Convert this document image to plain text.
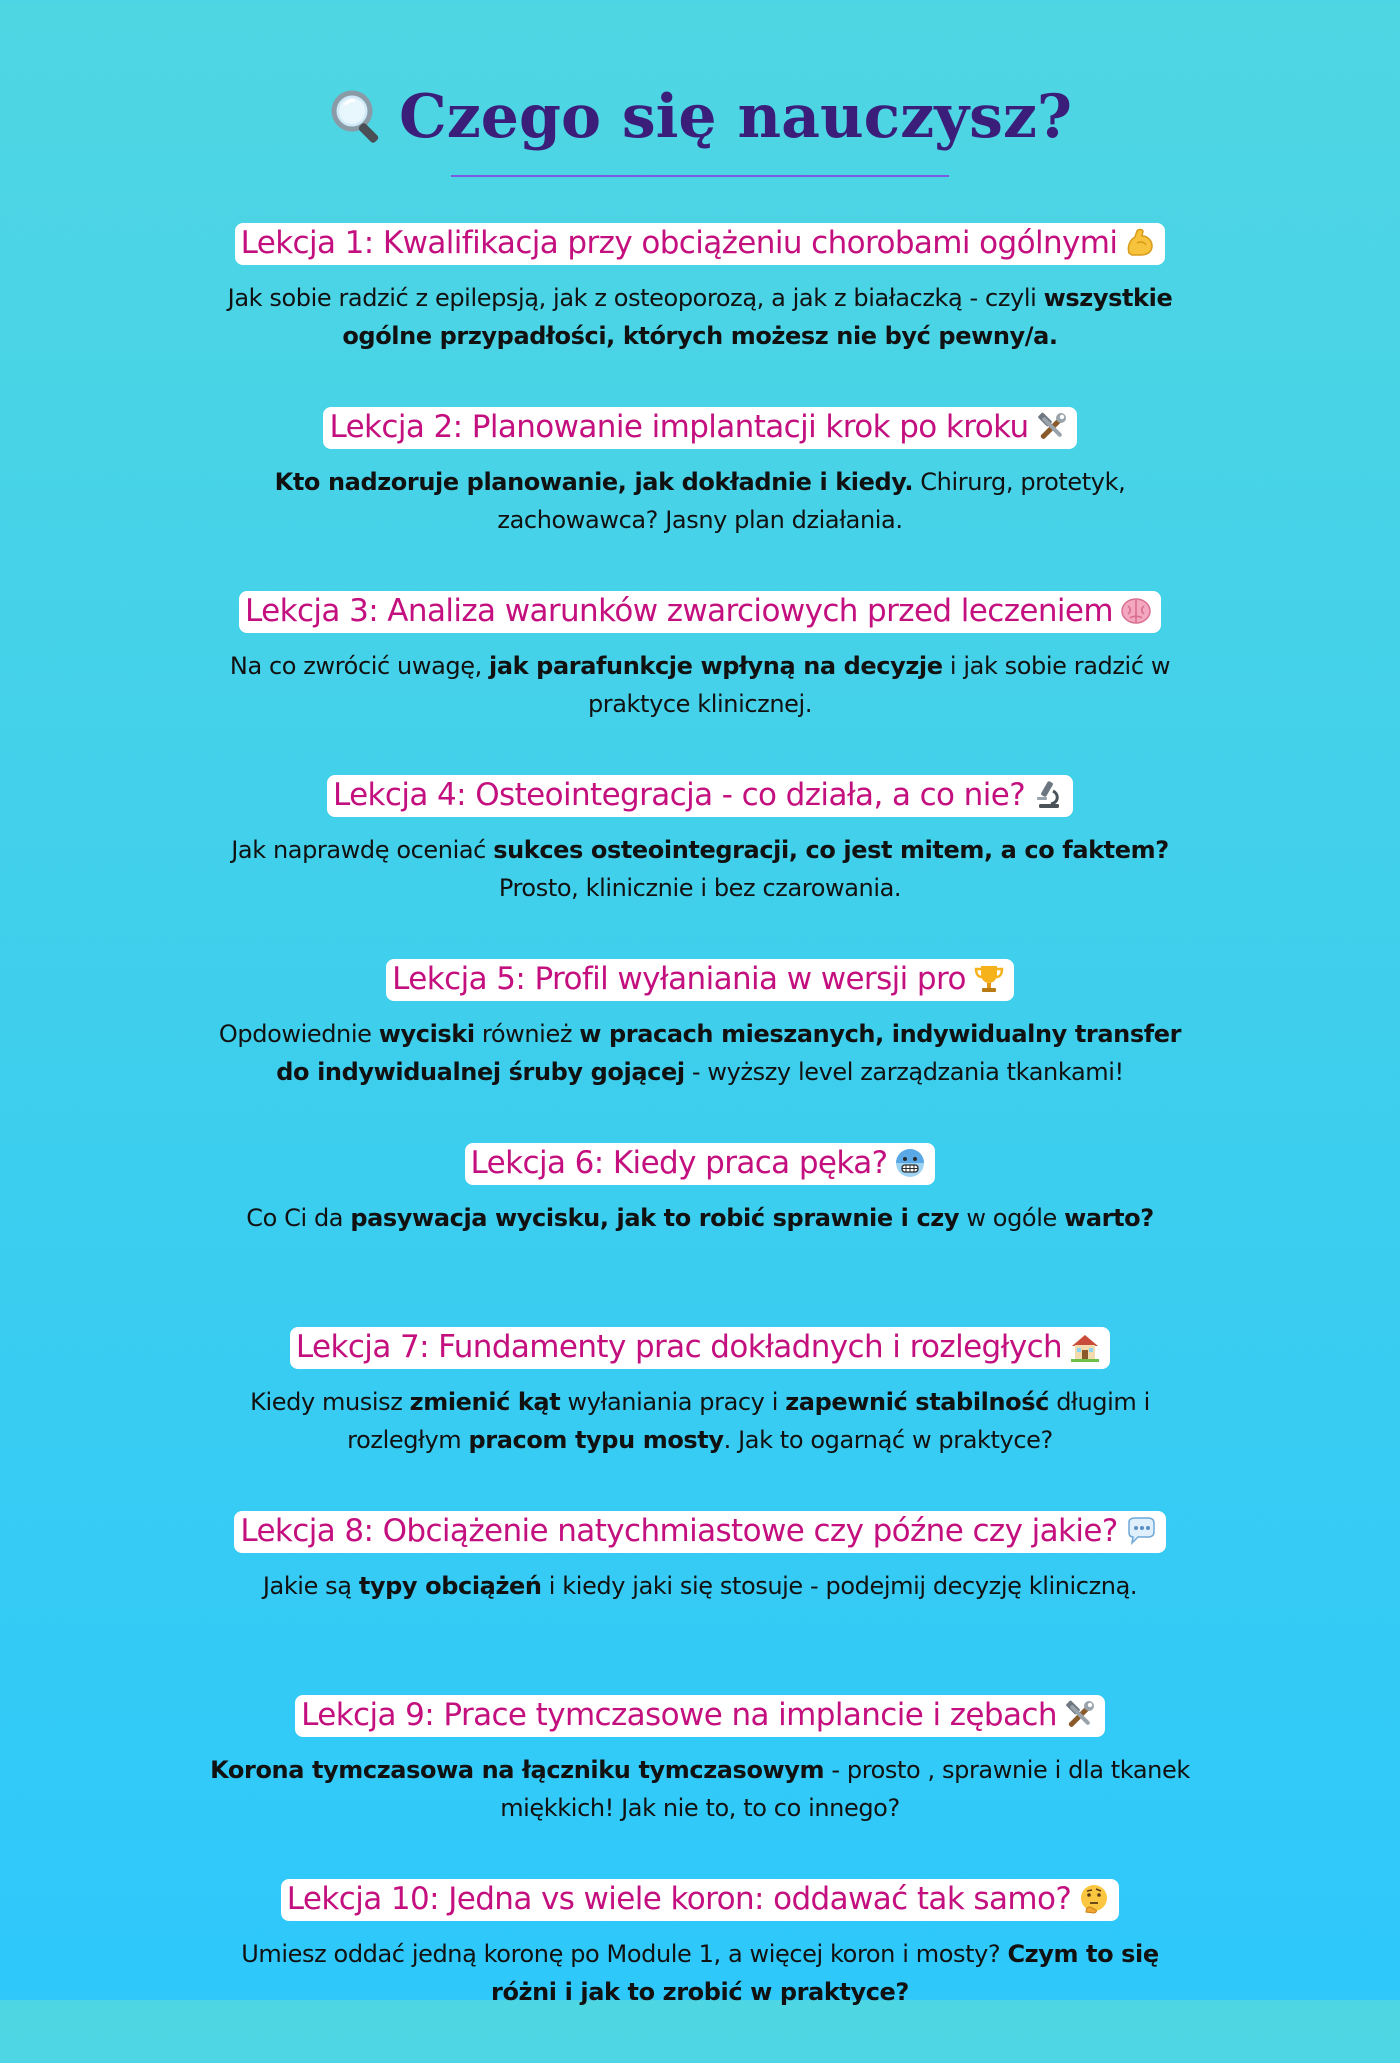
Czego się nauczysz?
Lekcja 1: Kwalifikacja przy obciążeniu chorobami ogólnymi

Jak sobie radzić z epilepsją, jak z osteoporozą, a jak z białaczką - czyli wszystkie ogólne przypadłości, których możesz nie być pewny/a.

Lekcja 2: Planowanie implantacji krok po kroku

Kto nadzoruje planowanie, jak dokładnie i kiedy. Chirurg, protetyk, zachowawca? Jasny plan działania.

Lekcja 3: Analiza warunków zwarciowych przed leczeniem

Na co zwrócić uwagę, jak parafunkcje wpłyną na decyzje i jak sobie radzić w praktyce klinicznej.

Lekcja 4: Osteointegracja - co działa, a co nie?

Jak naprawdę oceniać sukces osteointegracji, co jest mitem, a co faktem? Prosto, klinicznie i bez czarowania.

Lekcja 5: Profil wyłaniania w wersji pro

Opdowiednie wyciski również w pracach mieszanych, indywidualny transfer do indywidualnej śruby gojącej - wyższy level zarządzania tkankami!

Lekcja 6: Kiedy praca pęka?

Co Ci da pasywacja wycisku, jak to robić sprawnie i czy w ogóle warto?

Lekcja 7: Fundamenty prac dokładnych i rozległych

Kiedy musisz zmienić kąt wyłaniania pracy i zapewnić stabilność długim i rozległym pracom typu mosty. Jak to ogarnąć w praktyce?

Lekcja 8: Obciążenie natychmiastowe czy późne czy jakie?

Jakie są typy obciążeń i kiedy jaki się stosuje - podejmij decyzję kliniczną.

Lekcja 9: Prace tymczasowe na implancie i zębach

Korona tymczasowa na łączniku tymczasowym - prosto , sprawnie i dla tkanek miękkich! Jak nie to, to co innego?

Lekcja 10: Jedna vs wiele koron: oddawać tak samo?

Umiesz oddać jedną koronę po Module 1, a więcej koron i mosty? Czym to się różni i jak to zrobić w praktyce?
